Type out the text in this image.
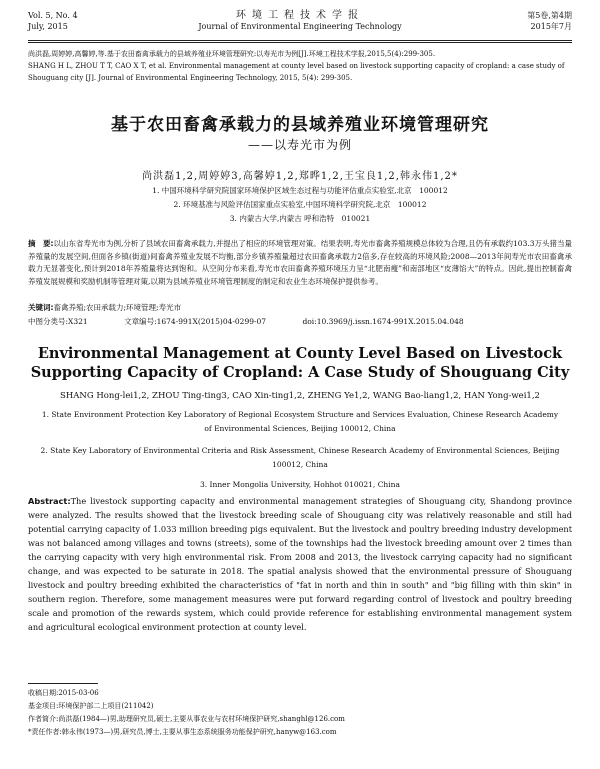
Vol. 5, No. 4
July, 2015
环境工程技术学报
Journal of Environmental Engineering Technology
第5卷,第4期
2015年7月
尚洪磊,周婷婷,高馨婷,等.基于农田畜禽承载力的县域养殖业环境管理研究:以寿光市为例[J].环境工程技术学报,2015,5(4):299-305.
SHANG H L, ZHOU T T, CAO X T, et al. Environmental management at county level based on livestock supporting capacity of cropland: a case study of Shouguang city [J]. Journal of Environmental Engineering Technology, 2015, 5(4): 299-305.
基于农田畜禽承载力的县域养殖业环境管理研究
——以寿光市为例
尚洪磊1,2,周婷婷3,高馨婷1,2,郑晔1,2,王宝良1,2,韩永伟1,2*
1. 中国环境科学研究院国家环境保护区域生态过程与功能评估重点实验室,北京　100012
2. 环境基准与风险评估国家重点实验室,中国环境科学研究院,北京　100012
3. 内蒙古大学,内蒙古 呼和浩特　010021
摘　要:以山东省寿光市为例,分析了县域农田畜禽承载力,并提出了相应的环境管理对策。结果表明,寿光市畜禽养殖规模总体较为合理,且仍有承载约103.3万头猪当量养殖量的发展空间,但面各乡镇(街道)间畜禽养殖业发展不均衡,部分乡镇养殖量超过农田畜禽承载力2倍多,存在较高的环境风险;2008—2013年间寿光市农田畜禽承载力无显著变化,预计到2018年养殖量将达到饱和。从空间分布来看,寿光市农田畜禽养殖环境压力呈“北肥南瘦”和南部地区“皮薄馅大”的特点。因此,提出控制畜禽养殖发展规模和奖励机制等管理对策,以期为县域养殖业环境管理制度的制定和农业生态环境保护提供参考。
关键词:畜禽养殖;农田承载力;环境管理;寿光市
中图分类号:X321	文章编号:1674-991X(2015)04-0299-07	doi:10.3969/j.issn.1674-991X.2015.04.048
Environmental Management at County Level Based on Livestock
Supporting Capacity of Cropland: A Case Study of Shouguang City
SHANG Hong-lei1,2, ZHOU Ting-ting3, CAO Xin-ting1,2, ZHENG Ye1,2, WANG Bao-liang1,2, HAN Yong-wei1,2
1. State Environment Protection Key Laboratory of Regional Ecosystem Structure and Services Evaluation, Chinese Research Academy of Environmental Sciences, Beijing 100012, China
2. State Key Laboratory of Environmental Criteria and Risk Assessment, Chinese Research Academy of Environmental Sciences, Beijing 100012, China
3. Inner Mongolia University, Hohhot 010021, China
Abstract:The livestock supporting capacity and environmental management strategies of Shouguang city, Shandong province were analyzed. The results showed that the livestock breeding scale of Shouguang city was relatively reasonable and still had potential carrying capacity of 1.033 million breeding pigs equivalent. But the livestock and poultry breeding industry development was not balanced among villages and towns (streets), some of the townships had the livestock breeding amount over 2 times than the carrying capacity with very high environmental risk. From 2008 and 2013, the livestock carrying capacity had no significant change, and was expected to be saturate in 2018. The spatial analysis showed that the environmental pressure of Shouguang livestock and poultry breeding exhibited the characteristics of "fat in north and thin in south" and "big filling with thin skin" in southern region. Therefore, some management measures were put forward regarding control of livestock and poultry breeding scale and promotion of the rewards system, which could provide reference for establishing environmental management system and agricultural ecological environment protection at county level.
收稿日期:2015-03-06
基金项目:环境保护部二上项目(211042)
作者简介:尚洪磊(1984—)男,助理研究员,硕士,主要从事农业与农村环境保护研究,shanghl@126.com
*责任作者:韩永伟(1973—)男,研究员,博士,主要从事生态系统服务功能保护研究,hanyw@163.com
